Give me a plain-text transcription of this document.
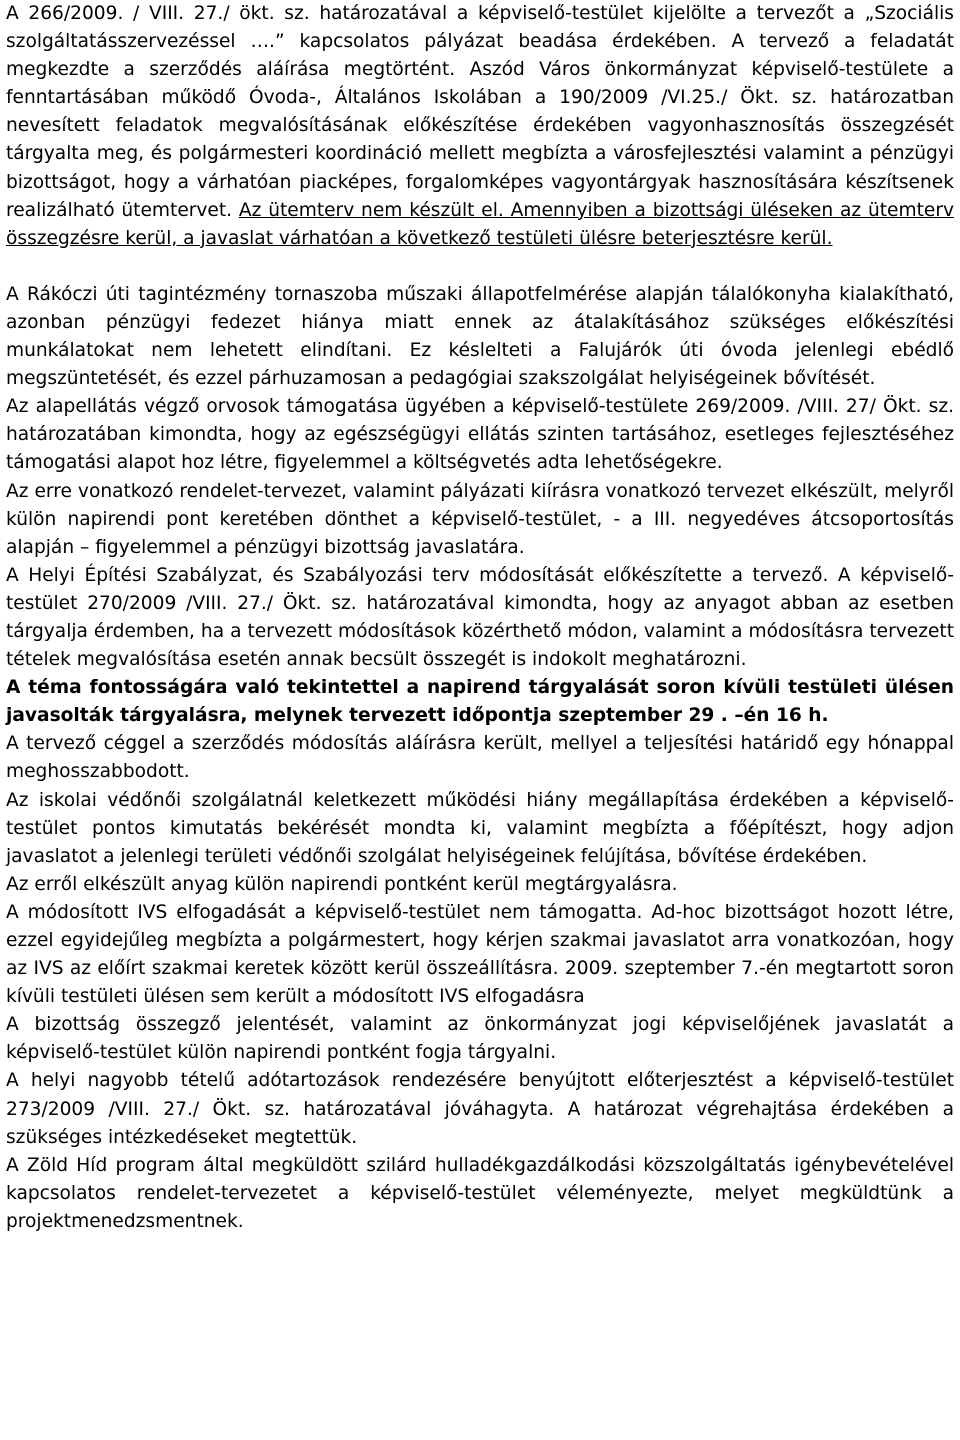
A 266/2009. / VIII. 27./ ökt. sz. határozatával a képviselő-testület kijelölte a tervezőt a „Szociális szolgáltatásszervezéssel ….” kapcsolatos pályázat beadása érdekében. A tervező a feladatát megkezdte a szerződés aláírása megtörtént. Aszód Város önkormányzat képviselő-testülete a fenntartásában működő Óvoda-, Általános Iskolában a 190/2009 /VI.25./ Ökt. sz. határozatban nevesített feladatok megvalósításának előkészítése érdekében vagyonhasznosítás összegzését tárgyalta meg, és polgármesteri koordináció mellett megbízta a városfejlesztési valamint a pénzügyi bizottságot, hogy a várhatóan piacképes, forgalomképes vagyontárgyak hasznosítására készítsenek realizálható ütemtervet. Az ütemterv nem készült el. Amennyiben a bizottsági üléseken az ütemterv összegzésre kerül, a javaslat várhatóan a következő testületi ülésre beterjesztésre kerül.

A Rákóczi úti tagintézmény tornaszoba műszaki állapotfelmérése alapján tálalókonyha kialakítható, azonban pénzügyi fedezet hiánya miatt ennek az átalakításához szükséges előkészítési munkálatokat nem lehetett elindítani. Ez késlelteti a Falujárók úti óvoda jelenlegi ebédlő megszüntetését, és ezzel párhuzamosan a pedagógiai szakszolgálat helyiségeinek bővítését.

Az alapellátás végző orvosok támogatása ügyében a képviselő-testülete 269/2009. /VIII. 27/ Ökt. sz. határozatában kimondta, hogy az egészségügyi ellátás szinten tartásához, esetleges fejlesztéséhez támogatási alapot hoz létre, figyelemmel a költségvetés adta lehetőségekre.

Az erre vonatkozó rendelet-tervezet, valamint pályázati kiírásra vonatkozó tervezet elkészült, melyről külön napirendi pont keretében dönthet a képviselő-testület, - a III. negyedéves átcsoportosítás alapján – figyelemmel a pénzügyi bizottság javaslatára.

A Helyi Építési Szabályzat, és Szabályozási terv módosítását előkészítette a tervező. A képviselő-testület 270/2009 /VIII. 27./ Ökt. sz. határozatával kimondta, hogy az anyagot abban az esetben tárgyalja érdemben, ha a tervezett módosítások közérthető módon, valamint a módosításra tervezett tételek megvalósítása esetén annak becsült összegét is indokolt meghatározni.

A téma fontosságára való tekintettel a napirend tárgyalását soron kívüli testületi ülésen javasolták tárgyalásra, melynek tervezett időpontja szeptember 29 . –én 16 h.

A tervező céggel a szerződés módosítás aláírásra került, mellyel a teljesítési határidő egy hónappal meghosszabbodott.

Az iskolai védőnői szolgálatnál keletkezett működési hiány megállapítása érdekében a képviselő-testület pontos kimutatás bekérését mondta ki, valamint megbízta a főépítészt, hogy adjon javaslatot a jelenlegi területi védőnői szolgálat helyiségeinek felújítása, bővítése érdekében.

Az erről elkészült anyag külön napirendi pontként kerül megtárgyalásra.

A módosított IVS elfogadását a képviselő-testület nem támogatta. Ad-hoc bizottságot hozott létre, ezzel egyidejűleg megbízta a polgármestert, hogy kérjen szakmai javaslatot arra vonatkozóan, hogy az IVS az előírt szakmai keretek között kerül összeállításra. 2009. szeptember 7.-én megtartott soron kívüli testületi ülésen sem került a módosított IVS elfogadásra

A bizottság összegző jelentését, valamint az önkormányzat jogi képviselőjének javaslatát a képviselő-testület külön napirendi pontként fogja tárgyalni.

A helyi nagyobb tételű adótartozások rendezésére benyújtott előterjesztést a képviselő-testület 273/2009 /VIII. 27./ Ökt. sz. határozatával jóváhagyta. A határozat végrehajtása érdekében a szükséges intézkedéseket megtettük.

A Zöld Híd program által megküldött szilárd hulladékgazdálkodási közszolgáltatás igénybevételével kapcsolatos rendelet-tervezetet a képviselő-testület véleményezte, melyet megküldtünk a projektmenedzsmentnek.
